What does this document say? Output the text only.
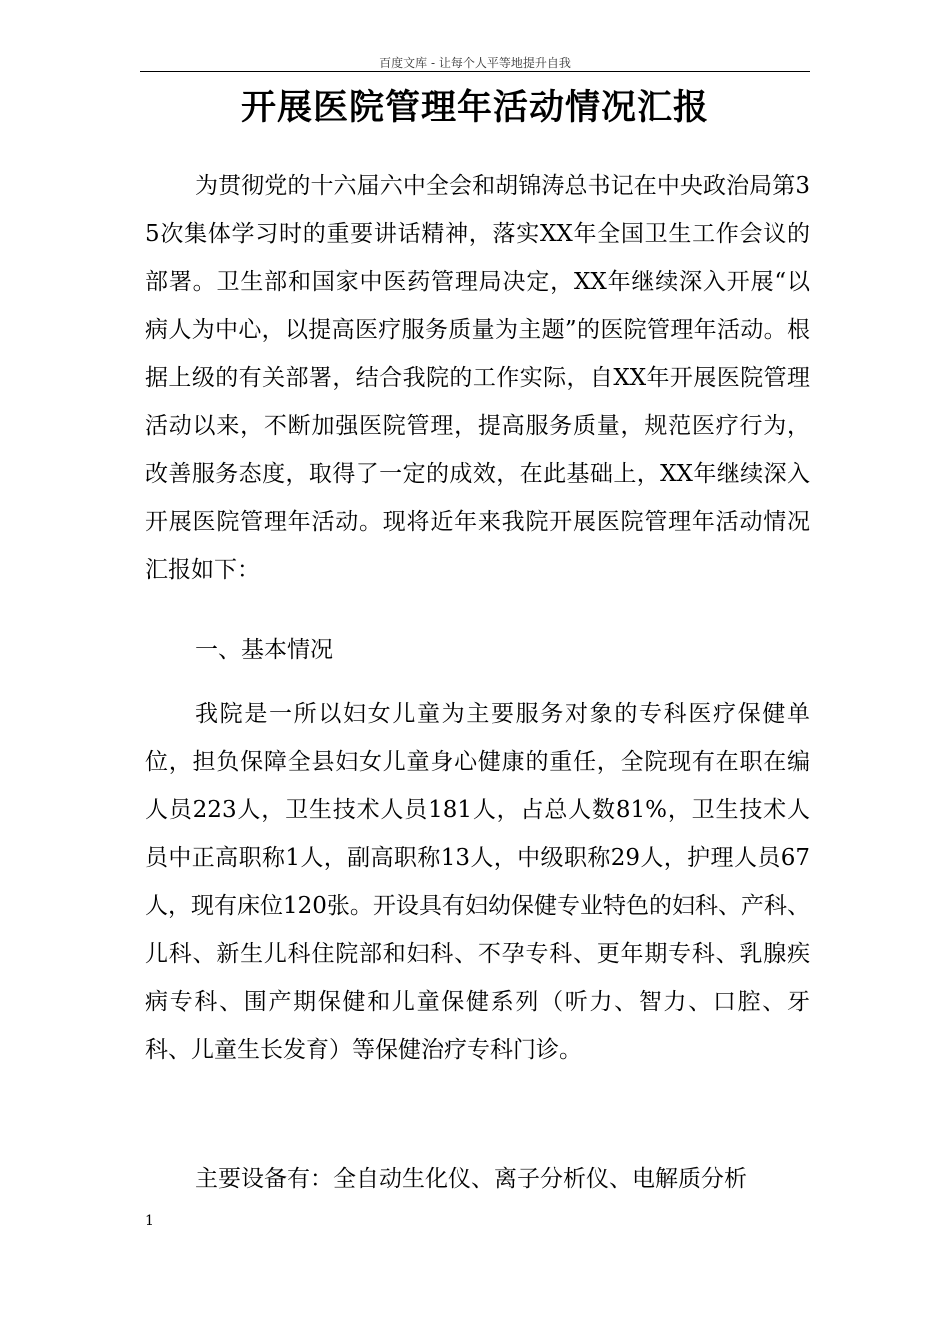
百度文库 - 让每个人平等地提升自我
开展医院管理年活动情况汇报

为贯彻党的十六届六中全会和胡锦涛总书记在中央政治局第35次集体学习时的重要讲话精神，落实XX年全国卫生工作会议的部署。卫生部和国家中医药管理局决定，XX年继续深入开展“以病人为中心，以提高医疗服务质量为主题”的医院管理年活动。根据上级的有关部署，结合我院的工作实际，自XX年开展医院管理活动以来，不断加强医院管理，提高服务质量，规范医疗行为，改善服务态度，取得了一定的成效，在此基础上，XX年继续深入开展医院管理年活动。现将近年来我院开展医院管理年活动情况汇报如下：

一、基本情况

我院是一所以妇女儿童为主要服务对象的专科医疗保健单位，担负保障全县妇女儿童身心健康的重任，全院现有在职在编人员223人，卫生技术人员181人，占总人数81%，卫生技术人员中正高职称1人，副高职称13人，中级职称29人，护理人员67人，现有床位120张。开设具有妇幼保健专业特色的妇科、产科、儿科、新生儿科住院部和妇科、不孕专科、更年期专科、乳腺疾病专科、围产期保健和儿童保健系列（听力、智力、口腔、牙科、儿童生长发育）等保健治疗专科门诊。

主要设备有：全自动生化仪、离子分析仪、电解质分析

1
